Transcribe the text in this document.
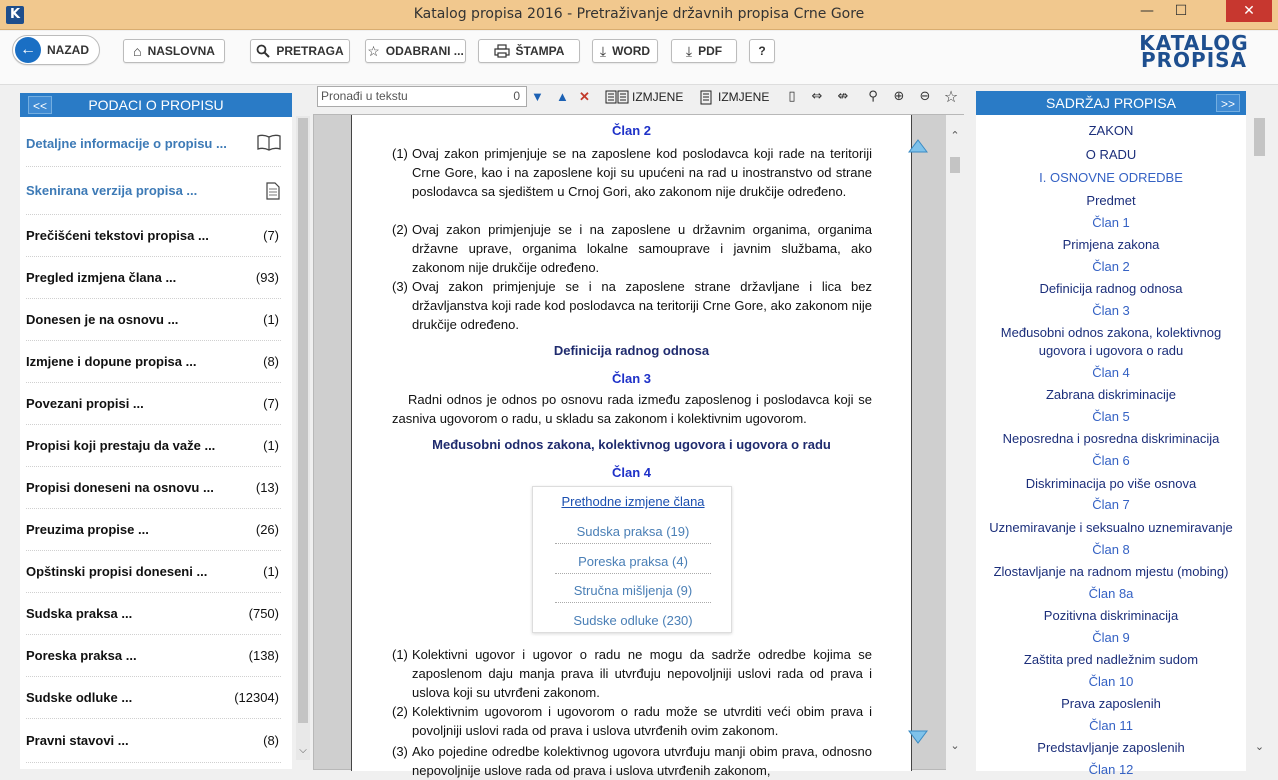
K	Katalog propisa 2016 - Pretraživanje državnih propisa Crne Gore	—	☐	✕
← NAZAD	⌂ NASLOVNA	PRETRAGA ☆ ODABRANI ...	ŠTAMPA	⤓ WORD	⤓ PDF	?	KATALOG
PROPISA
<<	PODACI O PROPISU
Detaljne informacije o propisu ...
Skenirana verzija propisa ...
Prečišćeni tekstovi propisa ...	(7)
Pregled izmjena člana ...	(93)
Donesen je na osnovu ...	(1)
Izmjene i dopune propisa ...	(8)
Povezani propisi ...	(7)
Propisi koji prestaju da važe ...	(1)
Propisi doneseni na osnovu ...	(13)
Preuzima propise ...	(26)
Opštinski propisi doneseni ...	(1)
Sudska praksa ...	(750)
Poreska praksa ...	(138)
Sudske odluke ...	(12304)
Pravni stavovi ...	(8)
⌵
Pronađi u tekstu	0 ▼ ▲ ✕	IZMJENE	IZMJENE	▯	⇔ ⇎	⚲	⊕ ⊖ ☆
Član 2
(1) Ovaj zakon primjenjuje se na zaposlene kod poslodavca koji rade na teritoriji Crne Gore, kao i na zaposlene koji su upućeni na rad u inostranstvo od strane poslodavca sa sjedištem u Crnoj Gori, ako zakonom nije drukčije određeno.
(2) Ovaj zakon primjenjuje se i na zaposlene u državnim organima, organima državne uprave, organima lokalne samouprave i javnim službama, ako zakonom nije drukčije određeno.
(3) Ovaj zakon primjenjuje se i na zaposlene strane državljane i lica bez državljanstva koji rade kod poslodavca na teritoriji Crne Gore, ako zakonom nije drukčije određeno.
Definicija radnog odnosa
Član 3
Radni odnos je odnos po osnovu rada između zaposlenog i poslodavca koji se zasniva ugovorom o radu, u skladu sa zakonom i kolektivnim ugovorom.
Međusobni odnos zakona, kolektivnog ugovora i ugovora o radu
Član 4
Prethodne izmjene člana
Sudska praksa (19)
Poreska praksa (4)
Stručna mišljenja (9)
Sudske odluke (230)
(1) Kolektivni ugovor i ugovor o radu ne mogu da sadrže odredbe kojima se zaposlenom daju manja prava ili utvrđuju nepovoljniji uslovi rada od prava i uslova koji su utvrđeni zakonom.
(2) Kolektivnim ugovorom i ugovorom o radu može se utvrditi veći obim prava i povoljniji uslovi rada od prava i uslova utvrđenih ovim zakonom.
(3) Ako pojedine odredbe kolektivnog ugovora utvrđuju manji obim prava, odnosno nepovoljnije uslove rada od prava i uslova utvrđenih zakonom,
⌃
⌄
SADRŽAJ PROPISA	>>
ZAKON
O RADU
I. OSNOVNE ODREDBE
Predmet
Član 1
Primjena zakona
Član 2
Definicija radnog odnosa
Član 3
Međusobni odnos zakona, kolektivnog
ugovora i ugovora o radu
Član 4
Zabrana diskriminacije
Član 5
Neposredna i posredna diskriminacija
Član 6
Diskriminacija po više osnova
Član 7
Uznemiravanje i seksualno uznemiravanje
Član 8
Zlostavljanje na radnom mjestu (mobing)
Član 8a
Pozitivna diskriminacija
Član 9
Zaštita pred nadležnim sudom
Član 10
Prava zaposlenih
Član 11
Predstavljanje zaposlenih
Član 12
⌄
